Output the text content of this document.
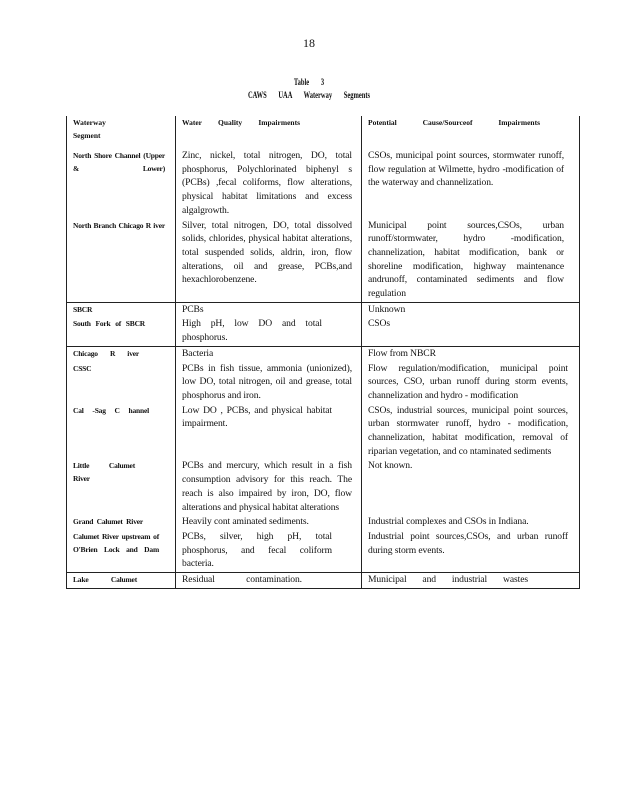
18
Table 3
CAWS UAA Waterway Segments
Waterway Segment	Water Quality Impairments	Potential Cause/Sourceof Impairments

North Shore Channel (Upper & Lower)	Zinc, nickel, total nitrogen, DO, total phosphorus, Polychlorinated biphenyl s (PCBs) ,fecal coliforms, flow alterations, physical habitat limitations and excess algalgrowth.	CSOs, municipal point sources, stormwater runoff, flow regulation at Wilmette, hydro -modification of the waterway and channelization.

North Branch Chicago R iver	Silver, total nitrogen, DO, total dissolved solids, chlorides, physical habitat alterations, total suspended solids, aldrin, iron, flow alterations, oil and grease, PCBs,and hexachlorobenzene.	Municipal point sources,CSOs, urban runoff/stormwater, hydro -modification, channelization, habitat modification, bank or shoreline modification, highway maintenance andrunoff, contaminated sediments and flow regulation

SBCR	PCBs	Unknown

South Fork of SBCR	High pH, low DO and total phosphorus.	CSOs

Chicago R iver	Bacteria	Flow from NBCR

CSSC	PCBs in fish tissue, ammonia (unionized), low DO, total nitrogen, oil and grease, total phosphorus and iron.	Flow regulation/modification, municipal point sources, CSO, urban runoff during storm events, channelization and hydro - modification

Cal -Sag C hannel	Low DO , PCBs, and physical habitat impairment.	CSOs, industrial sources, municipal point sources, urban stormwater runoff, hydro - modification, channelization, habitat modification, removal of riparian vegetation, and co ntaminated sediments

Little Calumet River	PCBs and mercury, which result in a fish consumption advisory for this reach. The reach is also impaired by iron, DO, flow alterations and physical habitat alterations	Not known.

Grand Calumet River	Heavily cont aminated sediments.	Industrial complexes and CSOs in Indiana.

Calumet River upstream of O'Brien Lock and Dam	PCBs, silver, high pH, total phosphorus, and fecal coliform bacteria.	Industrial point sources,CSOs, and urban runoff during storm events.

Lake Calumet	Residual contamination.	Municipal and industrial wastes
